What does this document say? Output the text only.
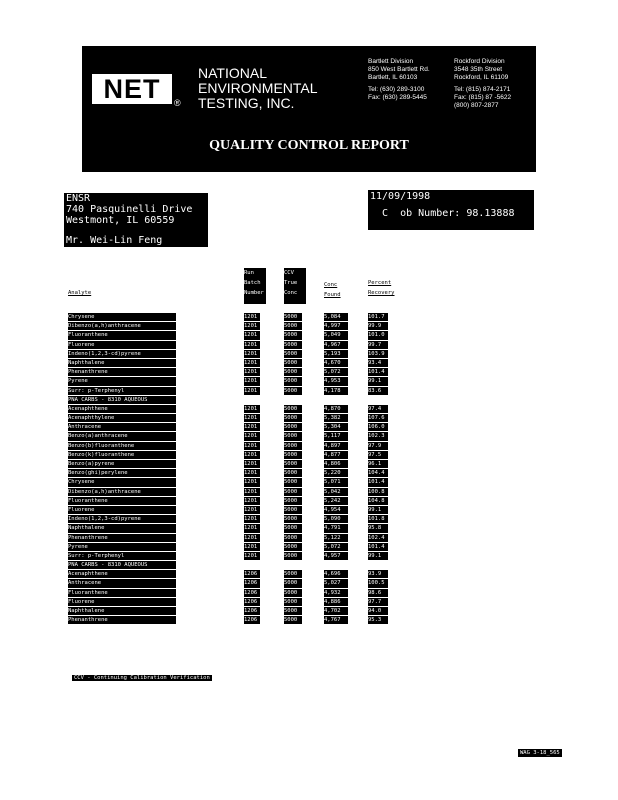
NET	®
NATIONAL
ENVIRONMENTAL
TESTING, INC.
Bartlett Division
850 West Bartlett Rd.
Bartlett, IL 60103
Tel: (630) 289-3100
Fax: (630) 289-5445
Rockford Division
3548 35th Street
Rockford, IL 61109
Tel: (815) 874-2171
Fax: (815) 87 -5622
(800) 807-2877
QUALITY CONTROL REPORT
CONTINUING CALIBRATION VERIFICATION
ENSR
740 Pasquinelli Drive
Westmont, IL 60559
Mr. Wei-Lin Feng
11/09/1998
C  ob Number: 98.13888
Analyte
Run Batch Number
CCV True Conc
Conc Found
Percent Recovery
Chrysene	1201	5000	5,084	101.7
Dibenzo(a,h)anthracene	1201	5000	4,997	99.9
Fluoranthene	1201	5000	5,049	101.0
Fluorene	1201	5000	4,967	99.7
Indeno(1,2,3-cd)pyrene	1201	5000	5,193	103.9
Naphthalene	1201	5000	4,670	93.4
Phenanthrene	1201	5000	5,072	101.4
Pyrene	1201	5000	4,953	99.1
Surr: p-Terphenyl	1201	5000	4,178	83.6
PNA CARBS - 8310 AQUEOUS
Acenaphthene	1201	5000	4,870	97.4
Acenaphthylene	1201	5000	5,382	107.6
Anthracene	1201	5000	5,304	106.0
Benzo(a)anthracene	1201	5000	5,117	102.3
Benzo(b)fluoranthene	1201	5000	4,897	97.9
Benzo(k)fluoranthene	1201	5000	4,877	97.5
Benzo(a)pyrene	1201	5000	4,806	96.1
Benzo(ghi)perylene	1201	5000	5,220	104.4
Chrysene	1201	5000	5,071	101.4
Dibenzo(a,h)anthracene	1201	5000	5,042	100.8
Fluoranthene	1201	5000	5,242	104.8
Fluorene	1201	5000	4,954	99.1
Indeno(1,2,3-cd)pyrene	1201	5000	5,090	101.8
Naphthalene	1201	5000	4,791	95.8
Phenanthrene	1201	5000	5,122	102.4
Pyrene	1201	5000	5,072	101.4
Surr: p-Terphenyl	1201	5000	4,957	99.1
PNA CARBS - 8310 AQUEOUS
Acenaphthene	1206	5000	4,696	93.9
Anthracene	1206	5000	5,027	100.5
Fluoranthene	1206	5000	4,932	98.6
Fluorene	1206	5000	4,886	97.7
Naphthalene	1206	5000	4,702	94.0
Phenanthrene	1206	5000	4,767	95.3
CCV - Continuing Calibration Verification
WAG 3-18_565
